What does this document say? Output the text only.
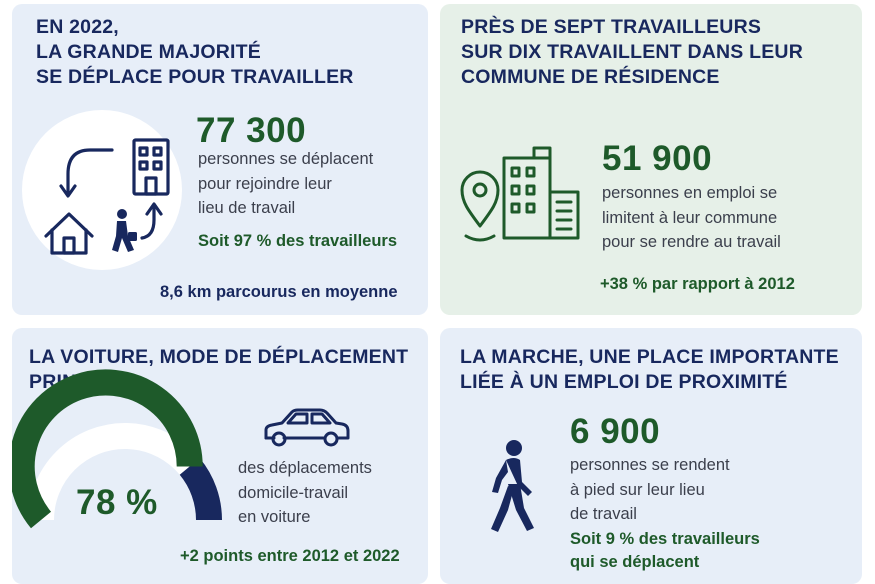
EN 2022,
LA GRANDE MAJORITÉ
SE DÉPLACE POUR TRAVAILLER
77 300
personnes se déplacent
pour rejoindre leur
lieu de travail
Soit 97 % des travailleurs
8,6 km parcourus en moyenne
PRÈS DE SEPT TRAVAILLEURS
SUR DIX TRAVAILLENT DANS LEUR
COMMUNE DE RÉSIDENCE
51 900
personnes en emploi se
limitent à leur commune
pour se rendre au travail
+38 % par rapport à 2012
LA VOITURE, MODE DE DÉPLACEMENT
PRINCIPAL
78 %
des déplacements
domicile-travail
en voiture
+2 points entre 2012 et 2022
LA MARCHE, UNE PLACE IMPORTANTE
LIÉE À UN EMPLOI DE PROXIMITÉ
6 900
personnes se rendent
à pied sur leur lieu
de travail
Soit 9 % des travailleurs
qui se déplacent
